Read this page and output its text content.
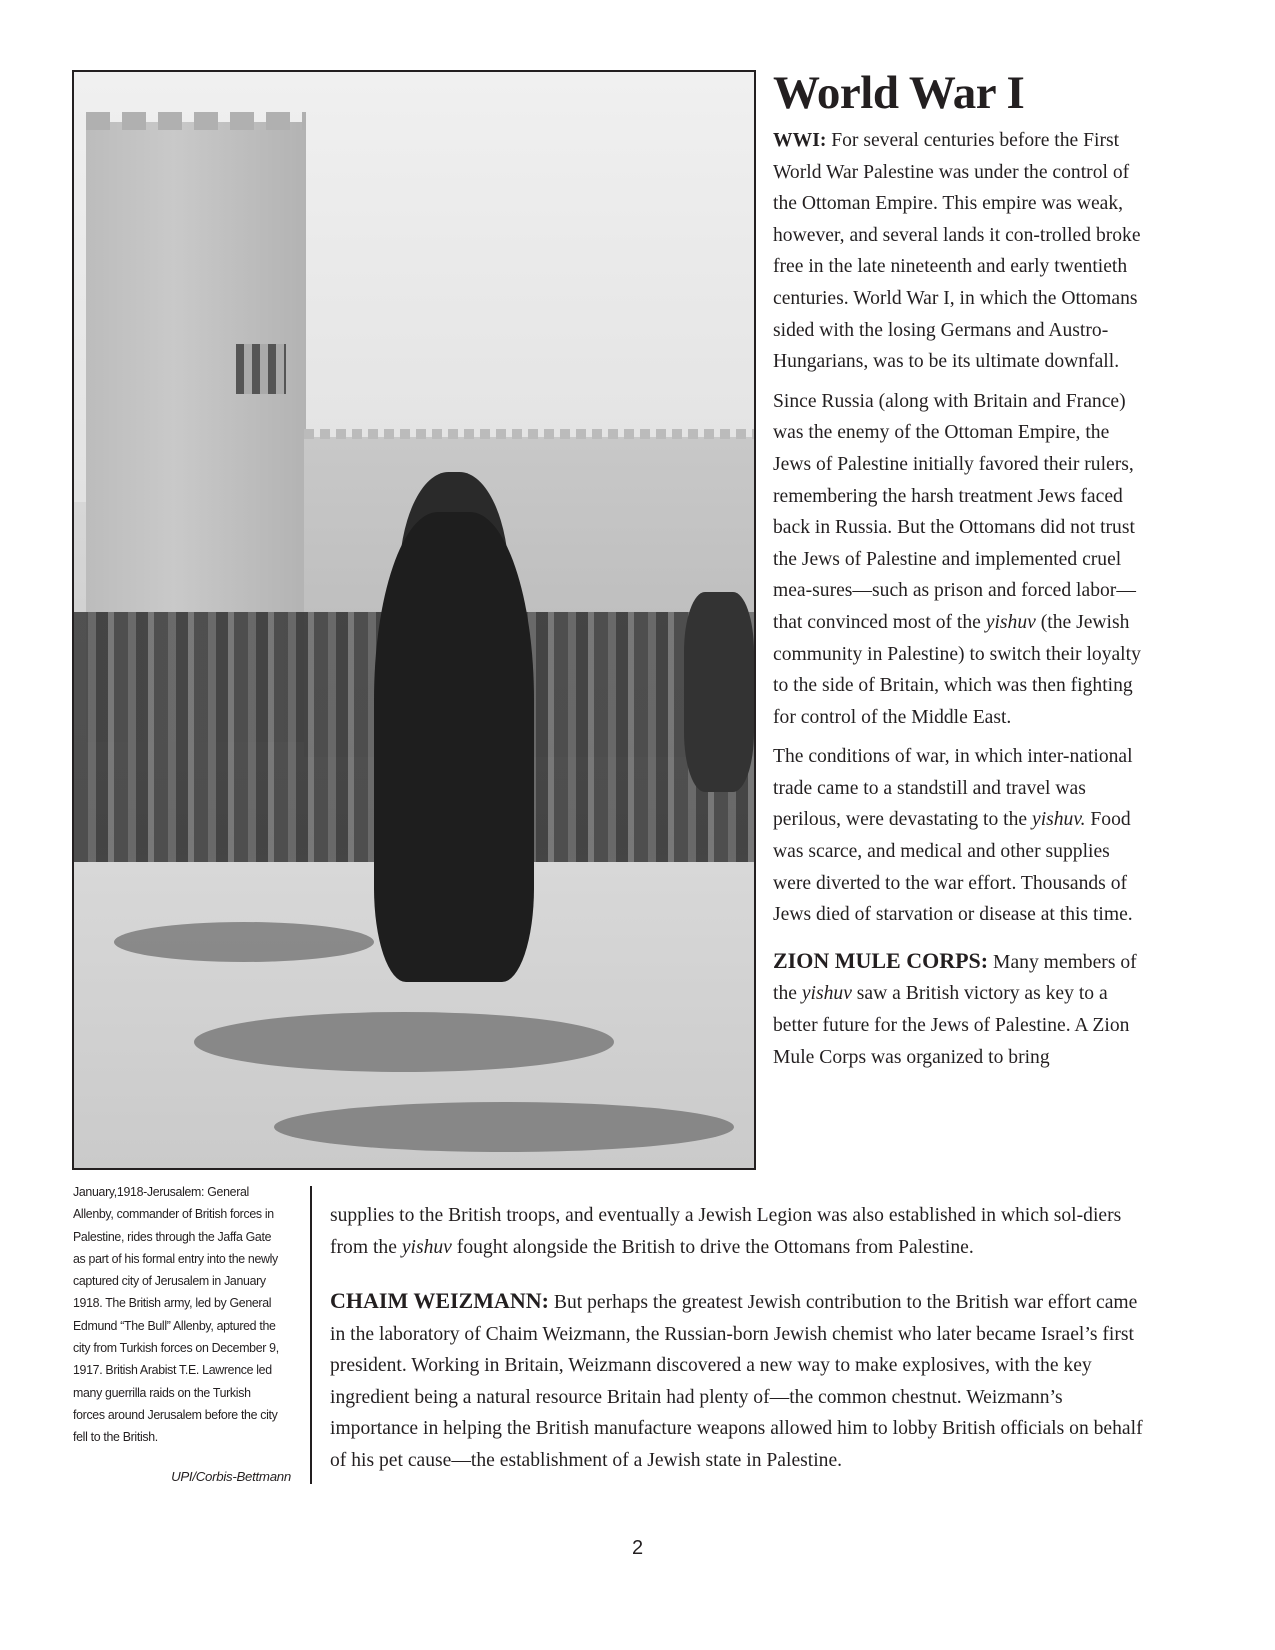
World War I

WWI: For several centuries before the First World War Palestine was under the control of the Ottoman Empire. This empire was weak, however, and several lands it con-trolled broke free in the late nineteenth and early twentieth centuries. World War I, in which the Ottomans sided with the losing Germans and Austro-Hungarians, was to be its ultimate downfall.

Since Russia (along with Britain and France) was the enemy of the Ottoman Empire, the Jews of Palestine initially favored their rulers, remembering the harsh treatment Jews faced back in Russia. But the Ottomans did not trust the Jews of Palestine and implemented cruel mea-sures—such as prison and forced labor—that convinced most of the yishuv (the Jewish community in Palestine) to switch their loyalty to the side of Britain, which was then fighting for control of the Middle East.

The conditions of war, in which inter-national trade came to a standstill and travel was perilous, were devastating to the yishuv. Food was scarce, and medical and other supplies were diverted to the war effort. Thousands of Jews died of starvation or disease at this time.

ZION MULE CORPS: Many members of the yishuv saw a British victory as key to a better future for the Jews of Palestine. A Zion Mule Corps was organized to bring

supplies to the British troops, and eventually a Jewish Legion was also established in which sol-diers from the yishuv fought alongside the British to drive the Ottomans from Palestine.
CHAIM WEIZMANN: But perhaps the greatest Jewish contribution to the British war effort came in the laboratory of Chaim Weizmann, the Russian-born Jewish chemist who later became Israel’s first president. Working in Britain, Weizmann discovered a new way to make explosives, with the key ingredient being a natural resource Britain had plenty of—the common chestnut. Weizmann’s importance in helping the British manufacture weapons allowed him to lobby British officials on behalf of his pet cause—the establishment of a Jewish state in Palestine.
January,1918-Jerusalem: General Allenby, commander of British forces in Palestine, rides through the Jaffa Gate as part of his formal entry into the newly captured city of Jerusalem in January 1918. The British army, led by General Edmund “The Bull” Allenby, aptured the city from Turkish forces on December 9, 1917. British Arabist T.E. Lawrence led many guerrilla raids on the Turkish forces around Jerusalem before the city fell to the British.
UPI/Corbis-Bettmann
2
